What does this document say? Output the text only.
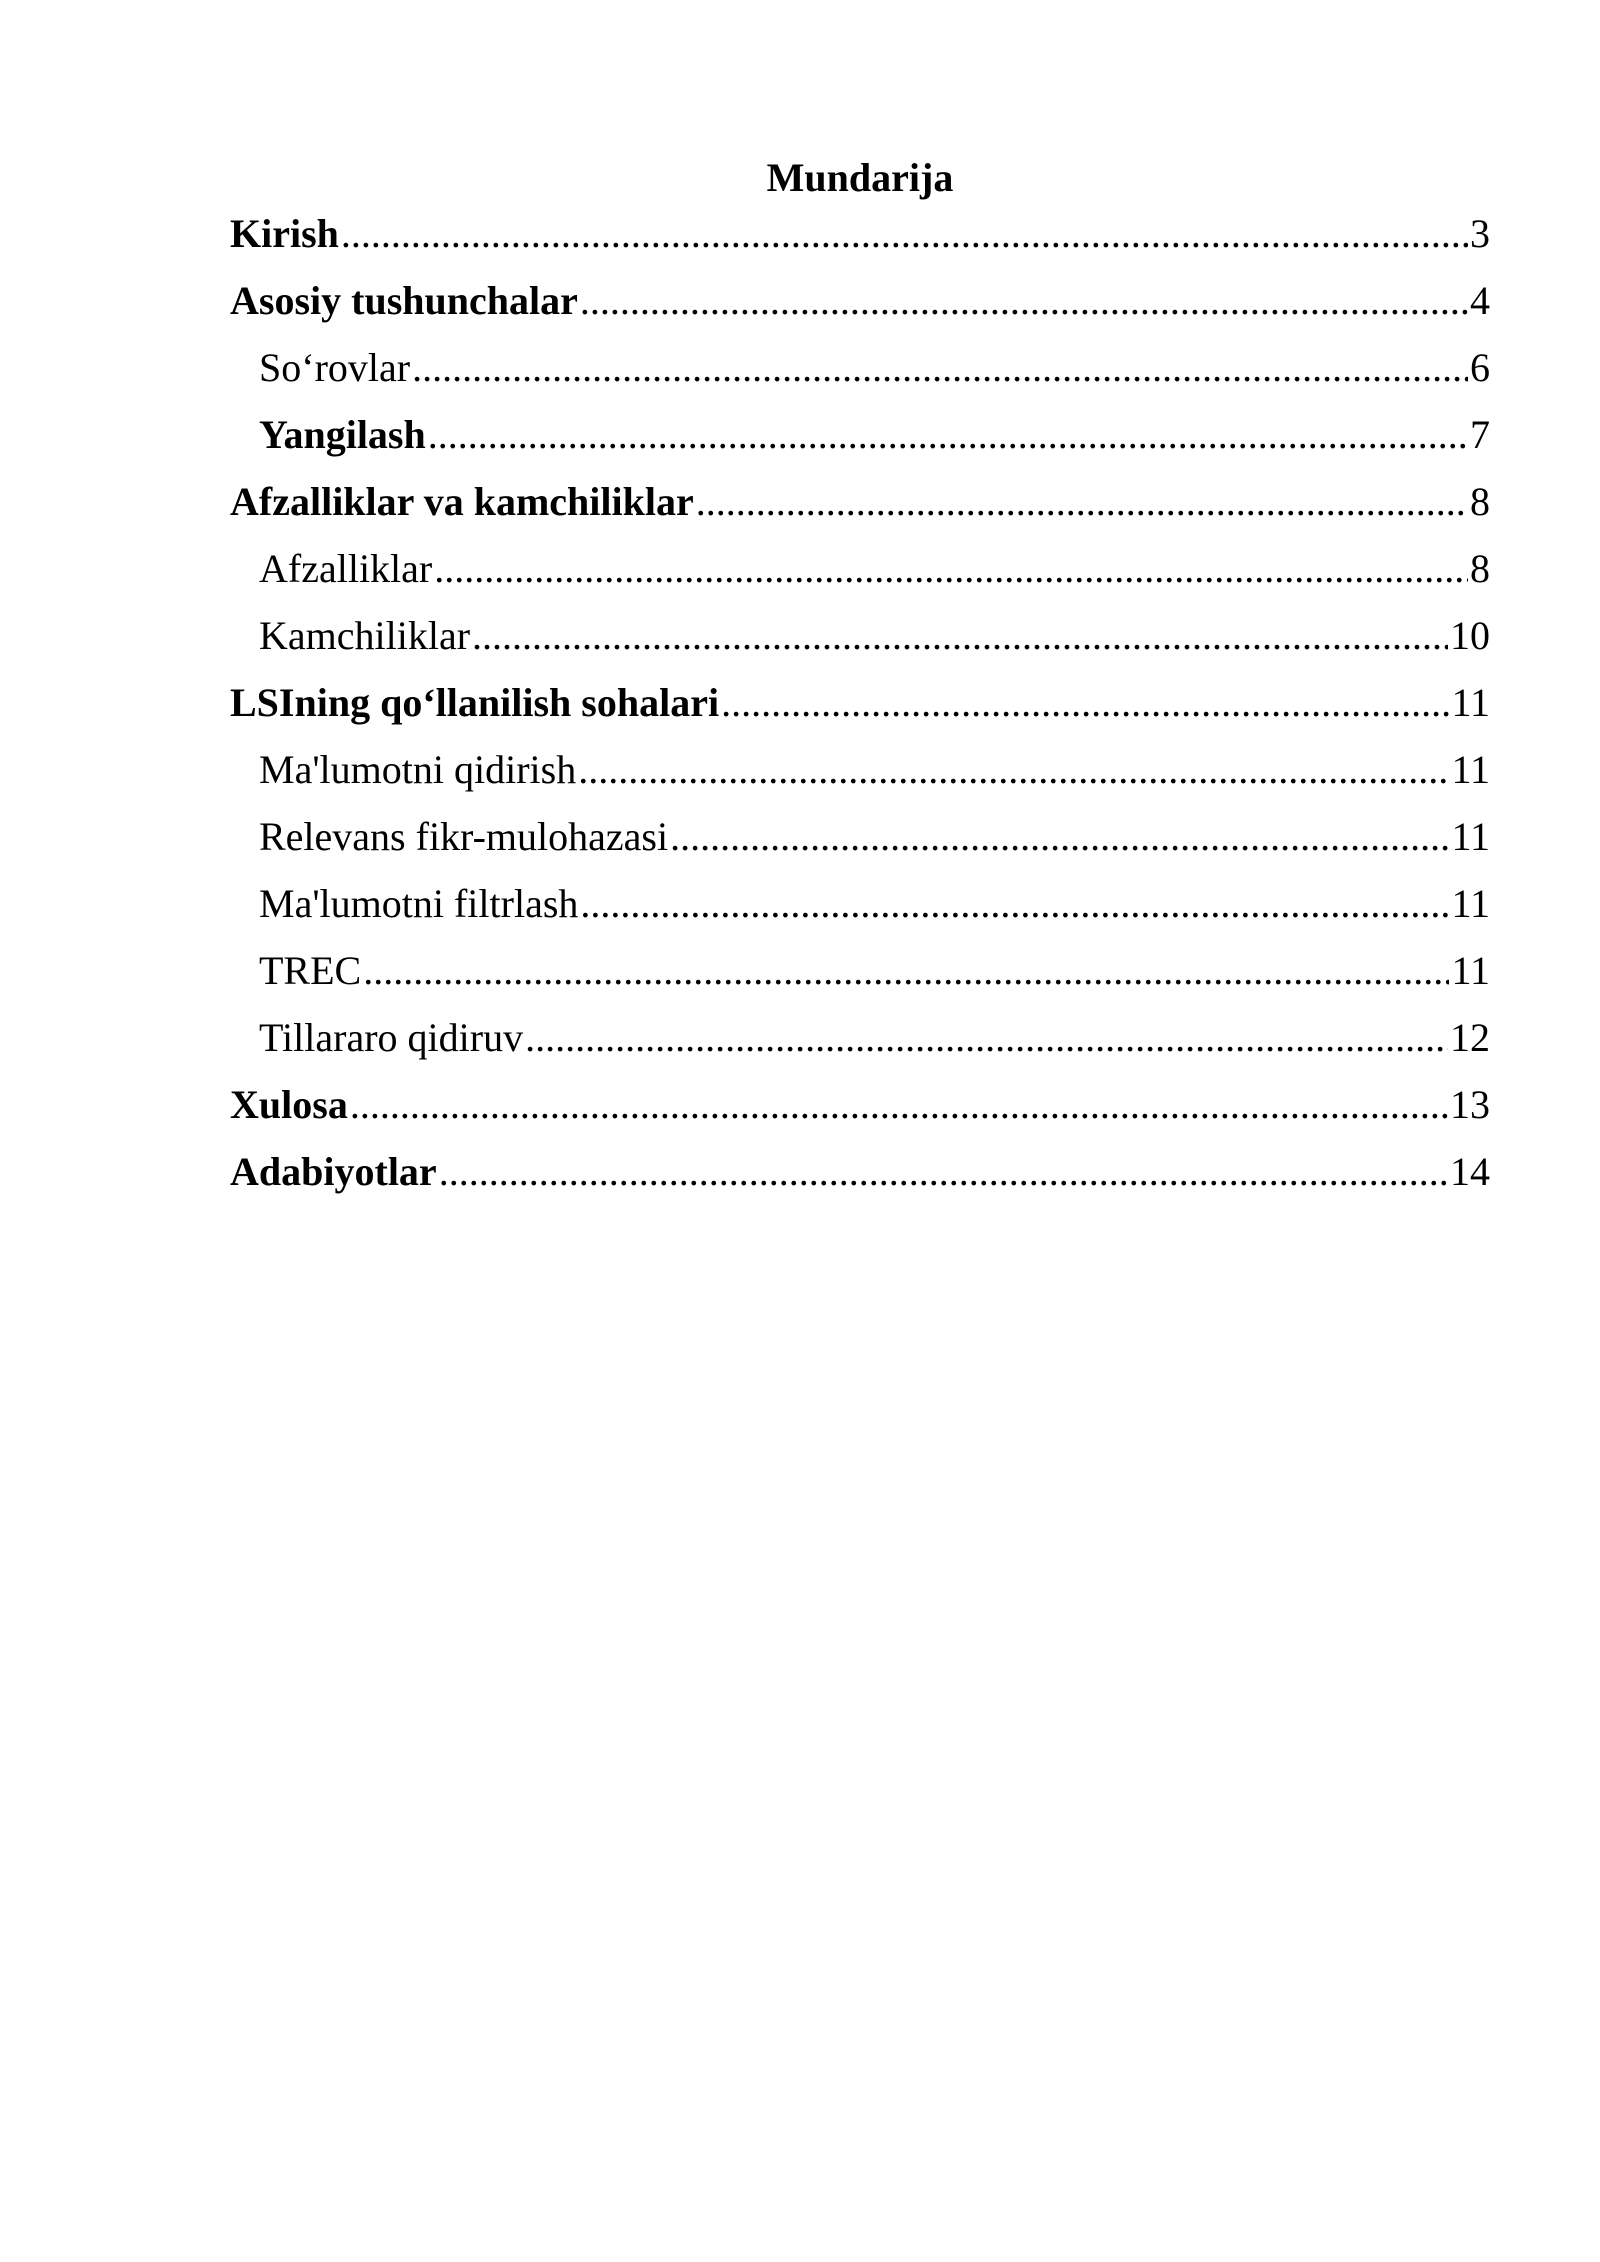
Mundarija
Kirish .....	3
Asosiy tushunchalar .....	4
So‘rovlar .....	6
Yangilash .....	7
Afzalliklar va kamchiliklar .....	8
Afzalliklar .....	8
Kamchiliklar .....	10
LSIning qo‘llanilish sohalari .....	11
Ma'lumotni qidirish .....	11
Relevans fikr-mulohazasi .....	11
Ma'lumotni filtrlash .....	11
TREC .....	11
Tillararo qidiruv .....	12
Xulosa .....	13
Adabiyotlar .....	14
